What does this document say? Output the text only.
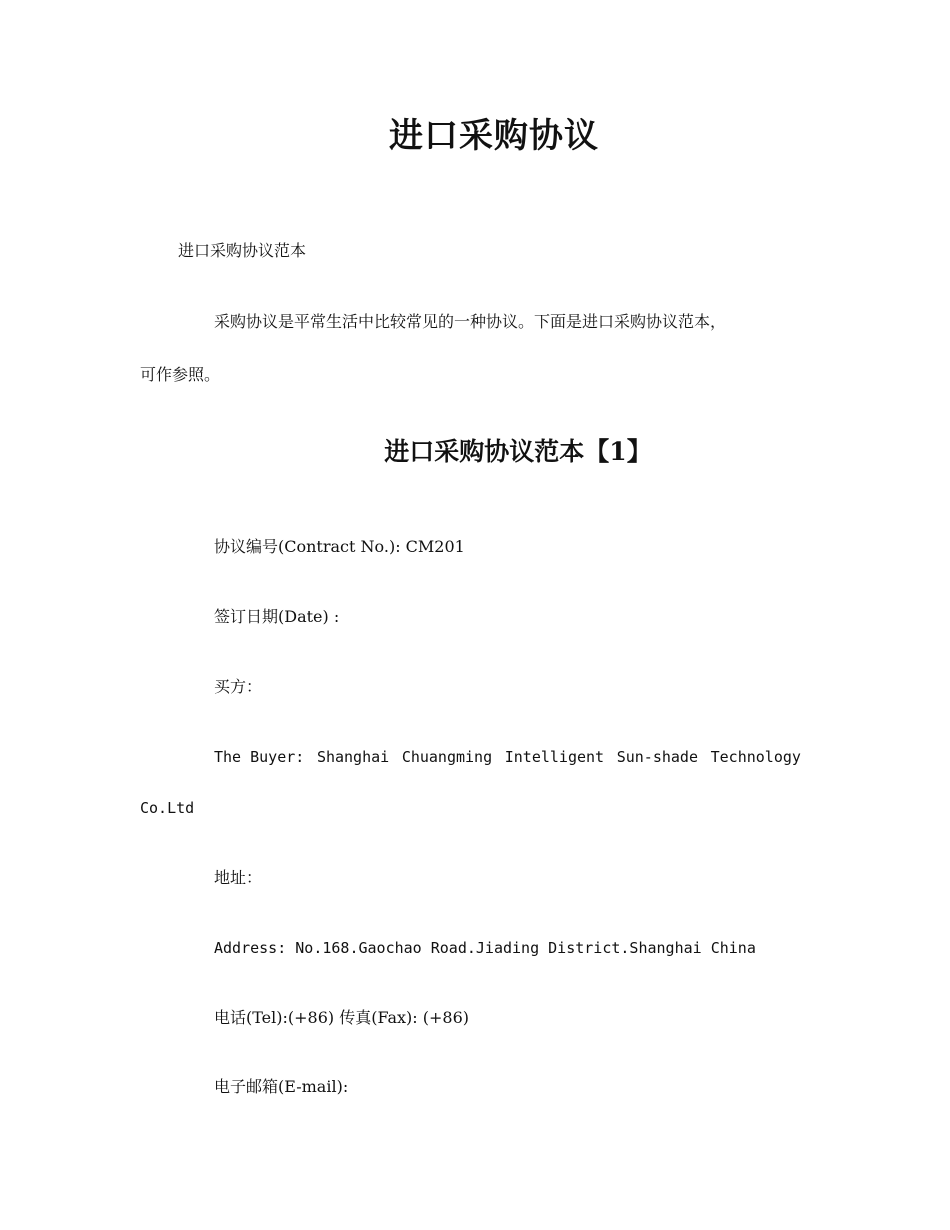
进口采购协议
进口采购协议范本
采购协议是平常生活中比较常见的一种协议。下面是进口采购协议范本，
可作参照。
进口采购协议范本【1】
协议编号(Contract No.): CM201
签订日期(Date) :
买方：
The Buyer: Shanghai Chuangming Intelligent Sun-shade Technology
Co.Ltd
地址：
Address: No.168.Gaochao Road.Jiading District.Shanghai China
电话(Tel):(+86) 传真(Fax): (+86)
电子邮箱(E-mail):
